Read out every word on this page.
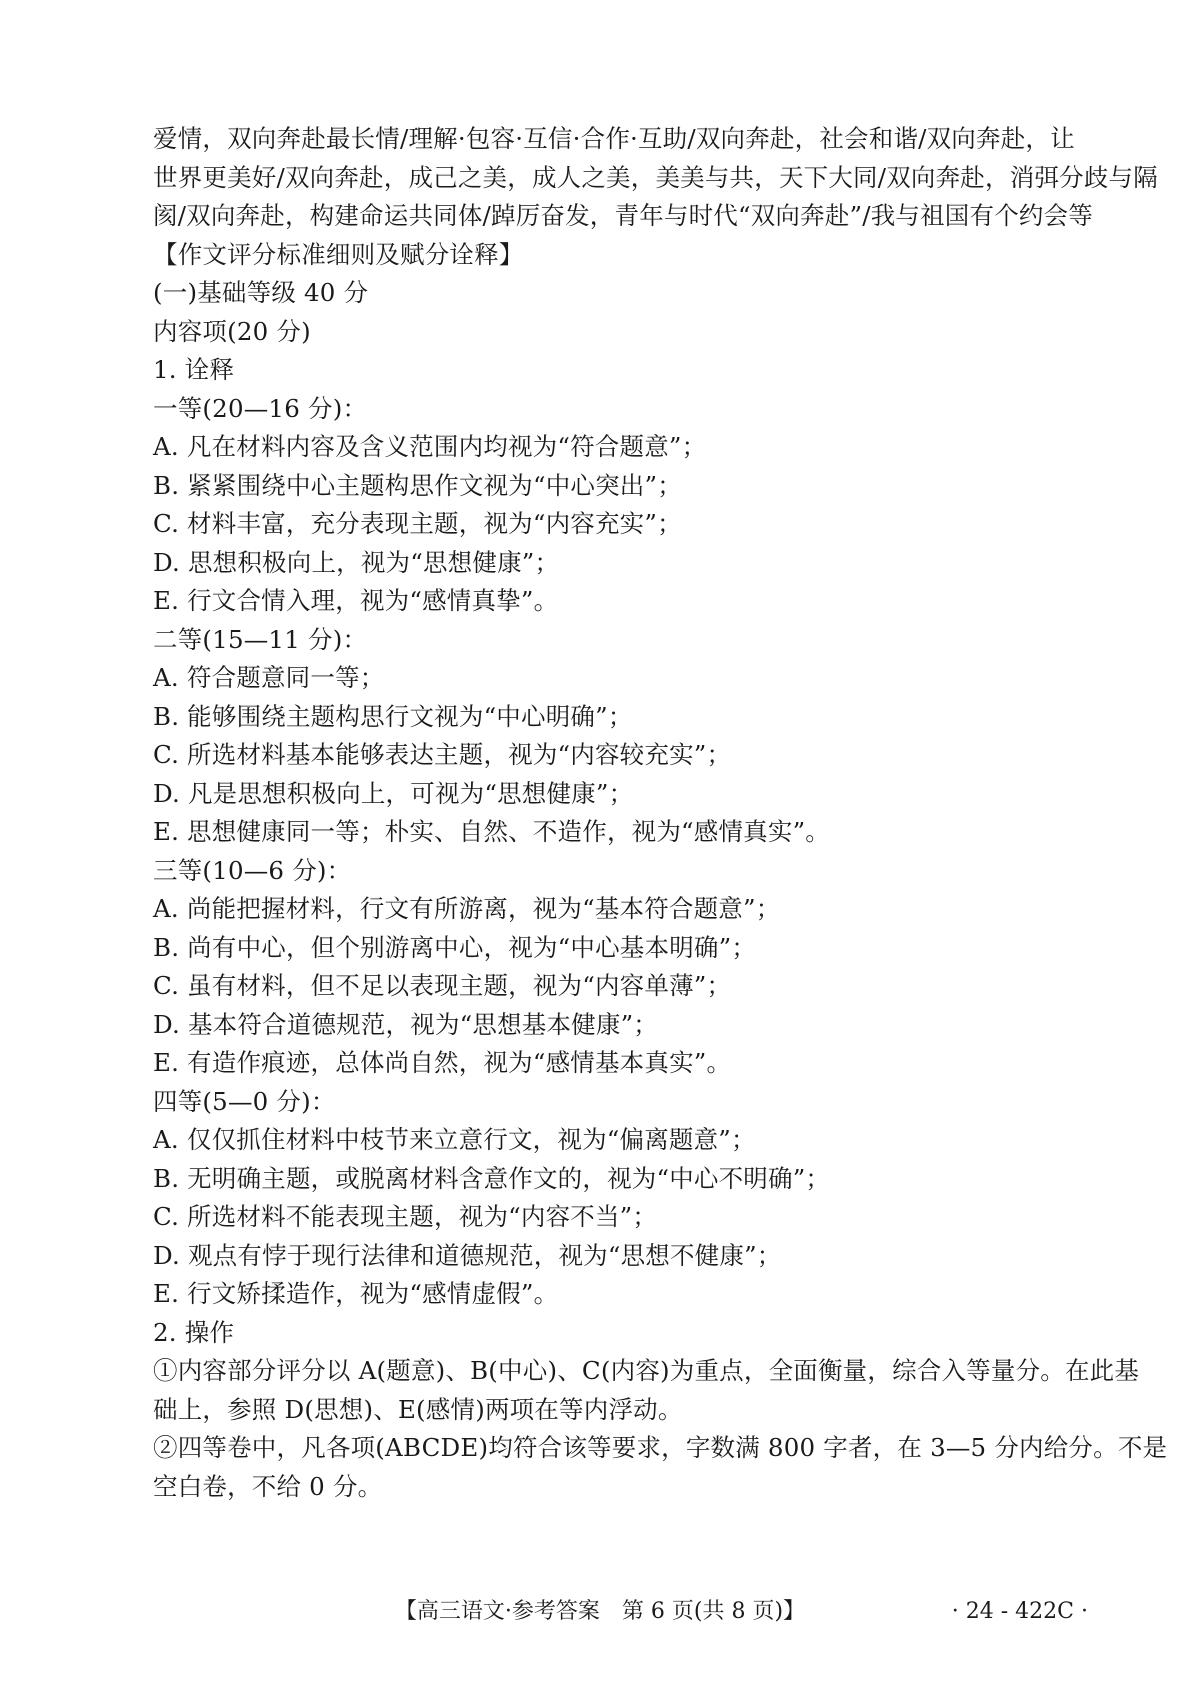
爱情，双向奔赴最长情/理解·包容·互信·合作·互助/双向奔赴，社会和谐/双向奔赴，让
世界更美好/双向奔赴，成己之美，成人之美，美美与共，天下大同/双向奔赴，消弭分歧与隔
阂/双向奔赴，构建命运共同体/踔厉奋发，青年与时代“双向奔赴”/我与祖国有个约会等
【作文评分标准细则及赋分诠释】
(一)基础等级 40 分
内容项(20 分)
1. 诠释
一等(20—16 分)：
A. 凡在材料内容及含义范围内均视为“符合题意”；
B. 紧紧围绕中心主题构思作文视为“中心突出”；
C. 材料丰富，充分表现主题，视为“内容充实”；
D. 思想积极向上，视为“思想健康”；
E. 行文合情入理，视为“感情真挚”。
二等(15—11 分)：
A. 符合题意同一等；
B. 能够围绕主题构思行文视为“中心明确”；
C. 所选材料基本能够表达主题，视为“内容较充实”；
D. 凡是思想积极向上，可视为“思想健康”；
E. 思想健康同一等；朴实、自然、不造作，视为“感情真实”。
三等(10—6 分)：
A. 尚能把握材料，行文有所游离，视为“基本符合题意”；
B. 尚有中心，但个别游离中心，视为“中心基本明确”；
C. 虽有材料，但不足以表现主题，视为“内容单薄”；
D. 基本符合道德规范，视为“思想基本健康”；
E. 有造作痕迹，总体尚自然，视为“感情基本真实”。
四等(5—0 分)：
A. 仅仅抓住材料中枝节来立意行文，视为“偏离题意”；
B. 无明确主题，或脱离材料含意作文的，视为“中心不明确”；
C. 所选材料不能表现主题，视为“内容不当”；
D. 观点有悖于现行法律和道德规范，视为“思想不健康”；
E. 行文矫揉造作，视为“感情虚假”。
2. 操作
①内容部分评分以 A(题意)、B(中心)、C(内容)为重点，全面衡量，综合入等量分。在此基
础上，参照 D(思想)、E(感情)两项在等内浮动。
②四等卷中，凡各项(ABCDE)均符合该等要求，字数满 800 字者，在 3—5 分内给分。不是
空白卷，不给 0 分。
【高三语文·参考答案　第 6 页(共 8 页)】	· 24 - 422C ·
